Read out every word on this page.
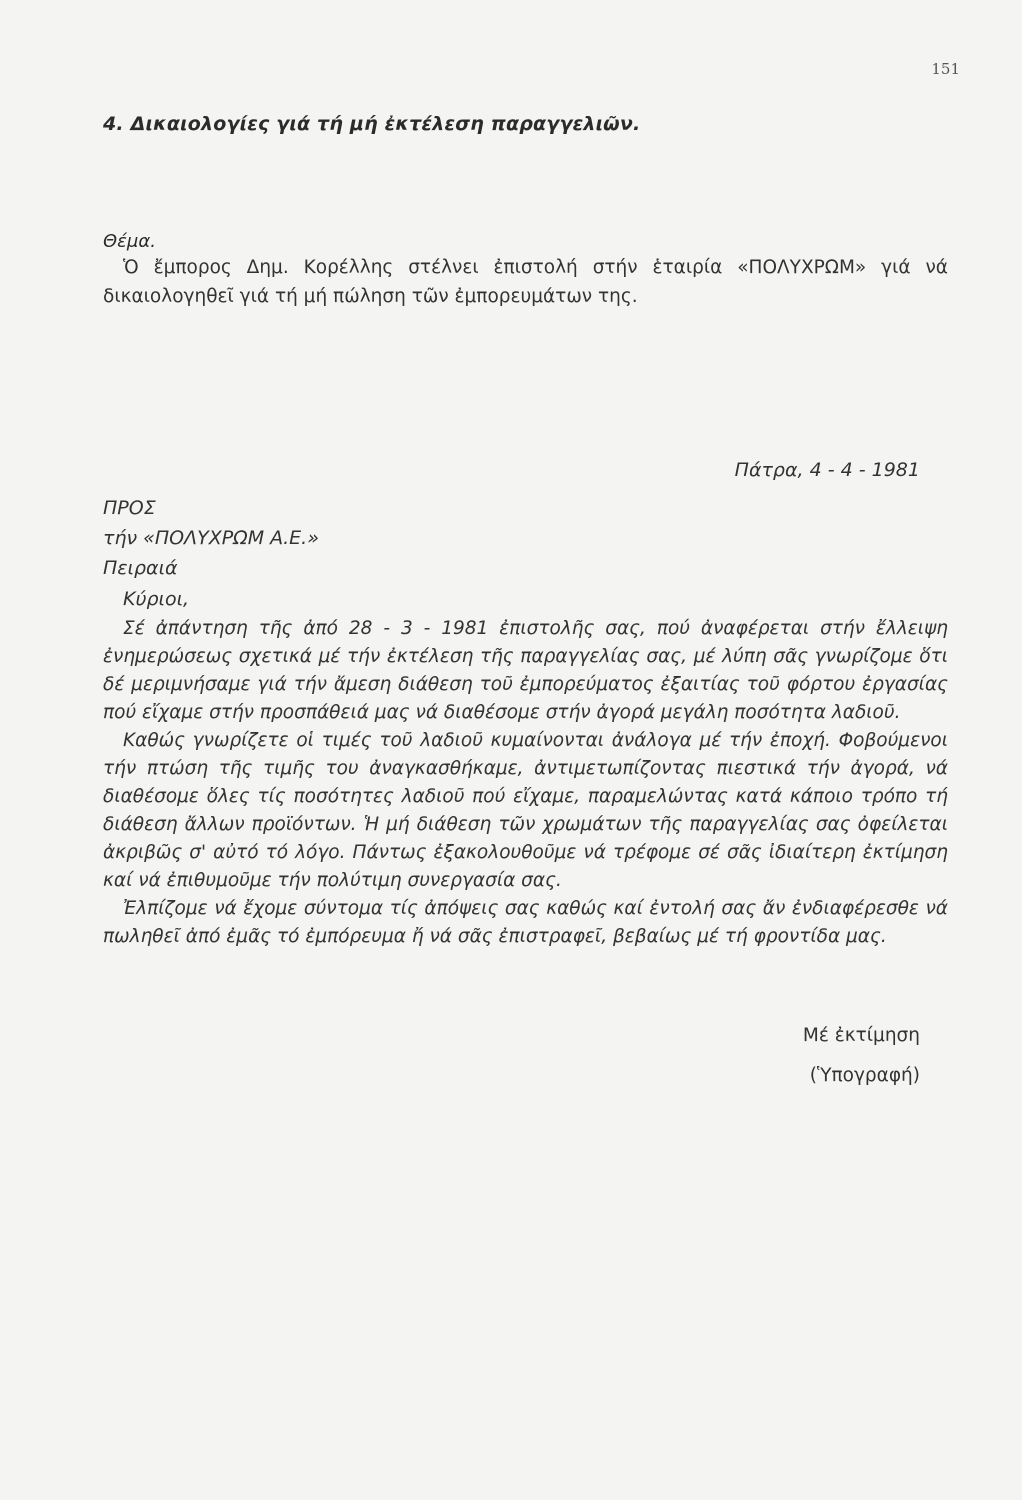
151
4. Δικαιολογίες γιά τή μή ἐκτέλεση παραγγελιῶν.
Θέμα.
Ὁ ἔμπορος Δημ. Κορέλλης στέλνει ἐπιστολή στήν ἑταιρία «ΠΟΛΥΧΡΩΜ» γιά νά δικαιολογηθεῖ γιά τή μή πώληση τῶν ἐμπορευμάτων της.
Πάτρα, 4 - 4 - 1981
ΠΡΟΣ
τήν «ΠΟΛΥΧΡΩΜ Α.Ε.»
Πειραιά
Κύριοι,

Σέ ἀπάντηση τῆς ἀπό 28 - 3 - 1981 ἐπιστολῆς σας, πού ἀναφέρεται στήν ἔλλειψη ἐνημερώσεως σχετικά μέ τήν ἐκτέλεση τῆς παραγγελίας σας, μέ λύπη σᾶς γνωρίζομε ὅτι δέ μεριμνήσαμε γιά τήν ἄμεση διάθεση τοῦ ἐμπορεύματος ἐξαιτίας τοῦ φόρτου ἐργασίας πού εἴχαμε στήν προσπάθειά μας νά διαθέσομε στήν ἀγορά μεγάλη ποσότητα λαδιοῦ.

Καθώς γνωρίζετε οἱ τιμές τοῦ λαδιοῦ κυμαίνονται ἀνάλογα μέ τήν ἐποχή. Φοβούμενοι τήν πτώση τῆς τιμῆς του ἀναγκασθήκαμε, ἀντιμετωπίζοντας πιεστικά τήν ἀγορά, νά διαθέσομε ὅλες τίς ποσότητες λαδιοῦ πού εἴχαμε, παραμελώντας κατά κάποιο τρόπο τή διάθεση ἄλλων προϊόντων. Ἡ μή διάθεση τῶν χρωμάτων τῆς παραγγελίας σας ὀφείλεται ἀκριβῶς σ' αὐτό τό λόγο. Πάντως ἐξακολουθοῦμε νά τρέφομε σέ σᾶς ἰδιαίτερη ἐκτίμηση καί νά ἐπιθυμοῦμε τήν πολύτιμη συνεργασία σας.

Ἐλπίζομε νά ἔχομε σύντομα τίς ἀπόψεις σας καθώς καί ἐντολή σας ἄν ἐνδιαφέρεσθε νά πωληθεῖ ἀπό ἐμᾶς τό ἐμπόρευμα ἤ νά σᾶς ἐπιστραφεῖ, βεβαίως μέ τή φροντίδα μας.

Μέ ἐκτίμηση
(Ὑπογραφή)
